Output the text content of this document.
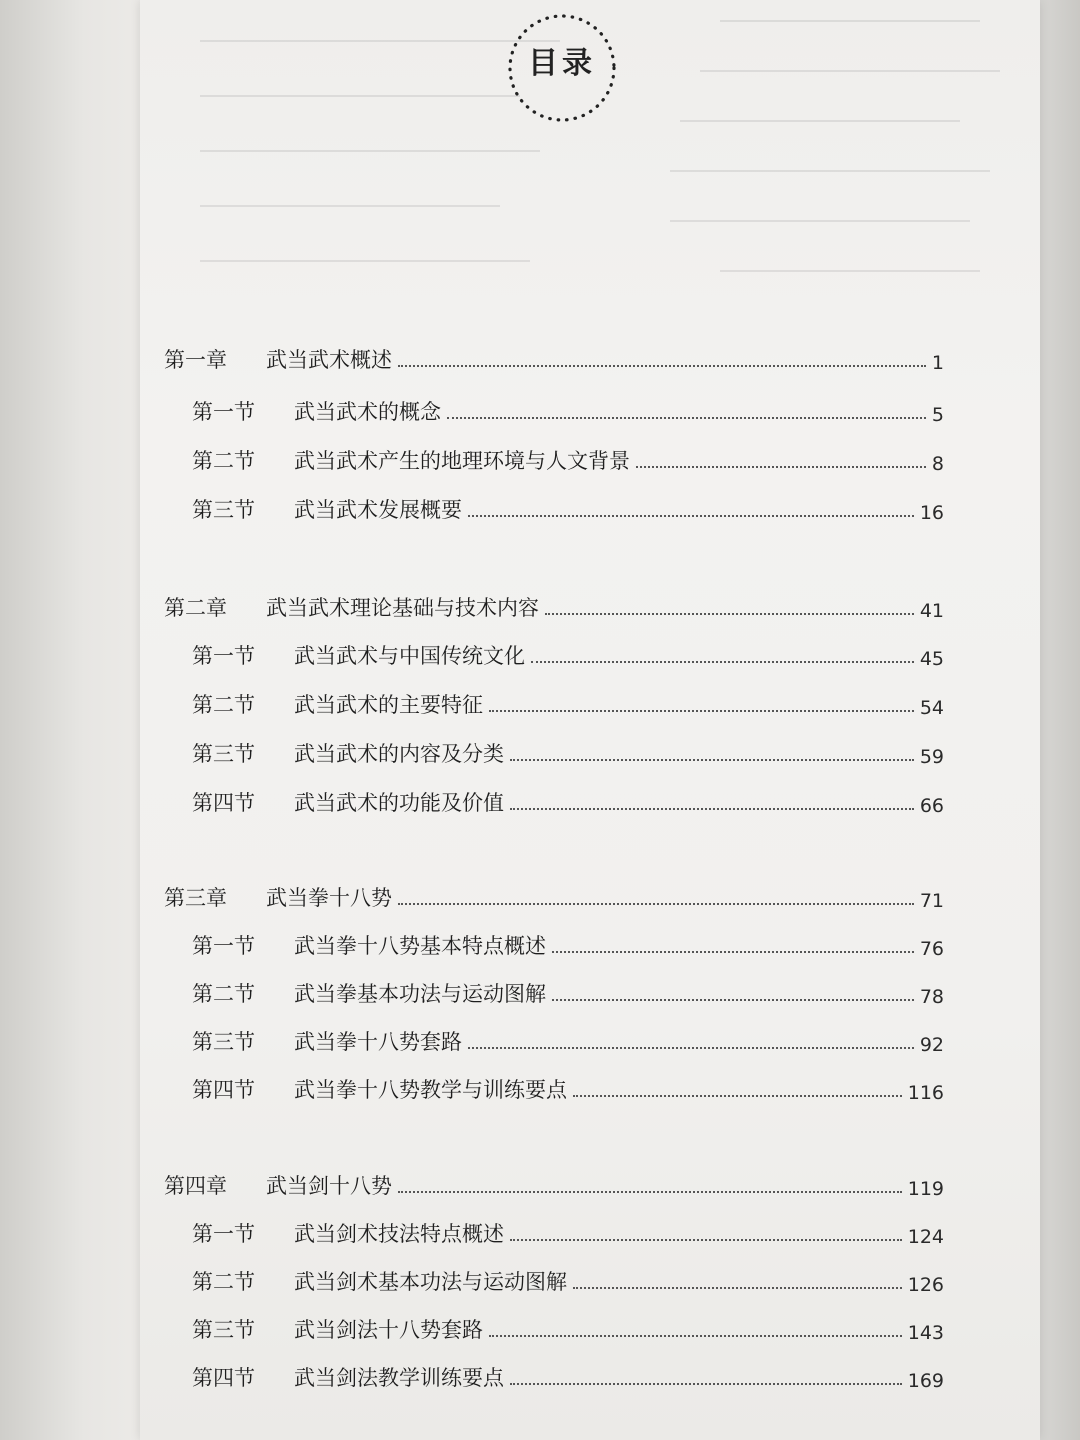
目录
第一章 武当武术概述	1
第一节 武当武术的概念	5
第二节 武当武术产生的地理环境与人文背景	8
第三节 武当武术发展概要	16
第二章 武当武术理论基础与技术内容	41
第一节 武当武术与中国传统文化	45
第二节 武当武术的主要特征	54
第三节 武当武术的内容及分类	59
第四节 武当武术的功能及价值	66
第三章 武当拳十八势	71
第一节 武当拳十八势基本特点概述	76
第二节 武当拳基本功法与运动图解	78
第三节 武当拳十八势套路	92
第四节 武当拳十八势教学与训练要点	116
第四章 武当剑十八势	119
第一节 武当剑术技法特点概述	124
第二节 武当剑术基本功法与运动图解	126
第三节 武当剑法十八势套路	143
第四节 武当剑法教学训练要点	169
